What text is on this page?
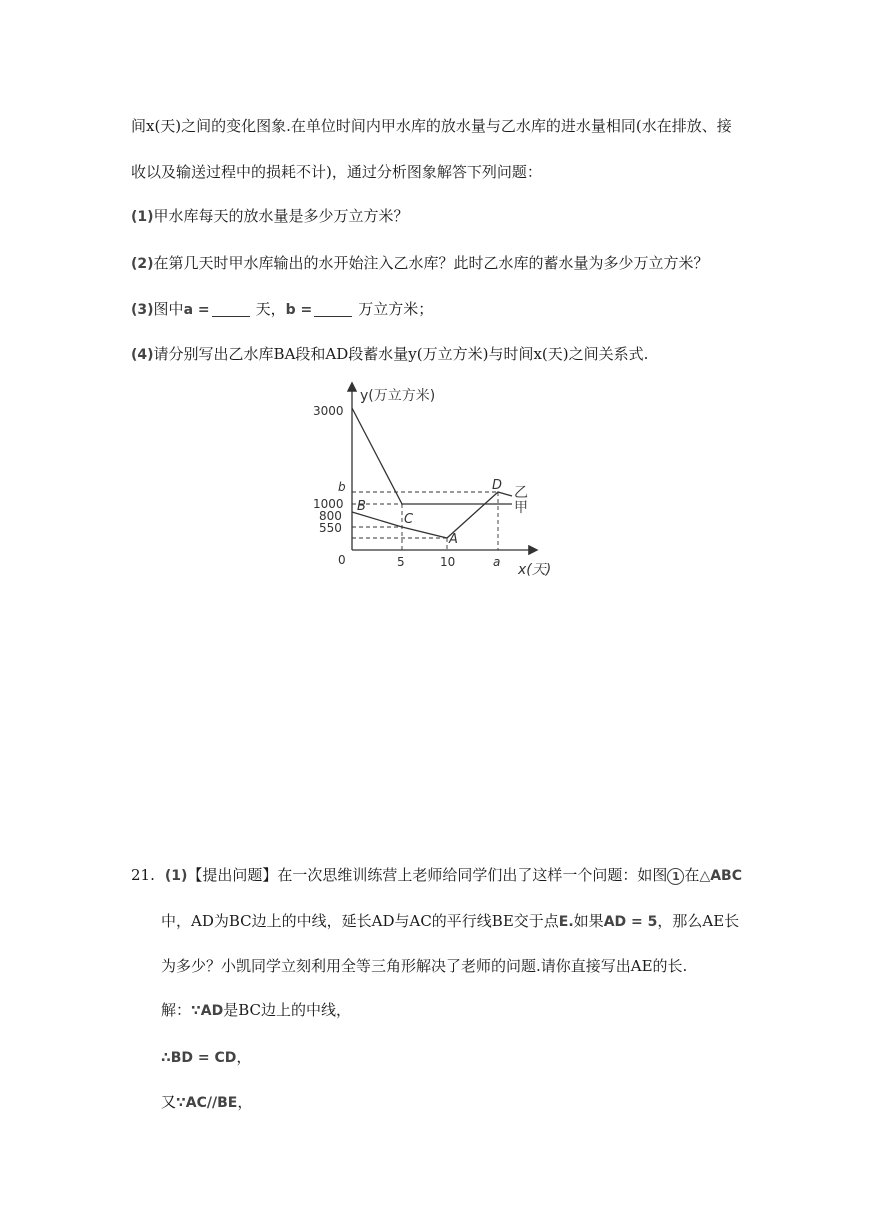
间x(天)之间的变化图象.在单位时间内甲水库的放水量与乙水库的进水量相同(水在排放、接
收以及输送过程中的损耗不计)，通过分析图象解答下列问题：
(1)甲水库每天的放水量是多少万立方米？
(2)在第几天时甲水库输出的水开始注入乙水库？此时乙水库的蓄水量为多少万立方米？
(3)图中a =	天，b =	万立方米；
(4)请分别写出乙水库BA段和AD段蓄水量y(万立方米)与时间x(天)之间关系式.
y(万立方米)
x(天)
0
3000
b
1000
800
550
5	10	a
甲
乙
B
C
A
D
21. (1)【提出问题】在一次思维训练营上老师给同学们出了这样一个问题：如图 1 在△ABC
中，AD为BC边上的中线，延长AD与AC的平行线BE交于点E.如果AD = 5，那么AE长
为多少？小凯同学立刻利用全等三角形解决了老师的问题.请你直接写出AE的长.
解：∵AD是BC边上的中线，
∴BD = CD，
又∵AC//BE，
